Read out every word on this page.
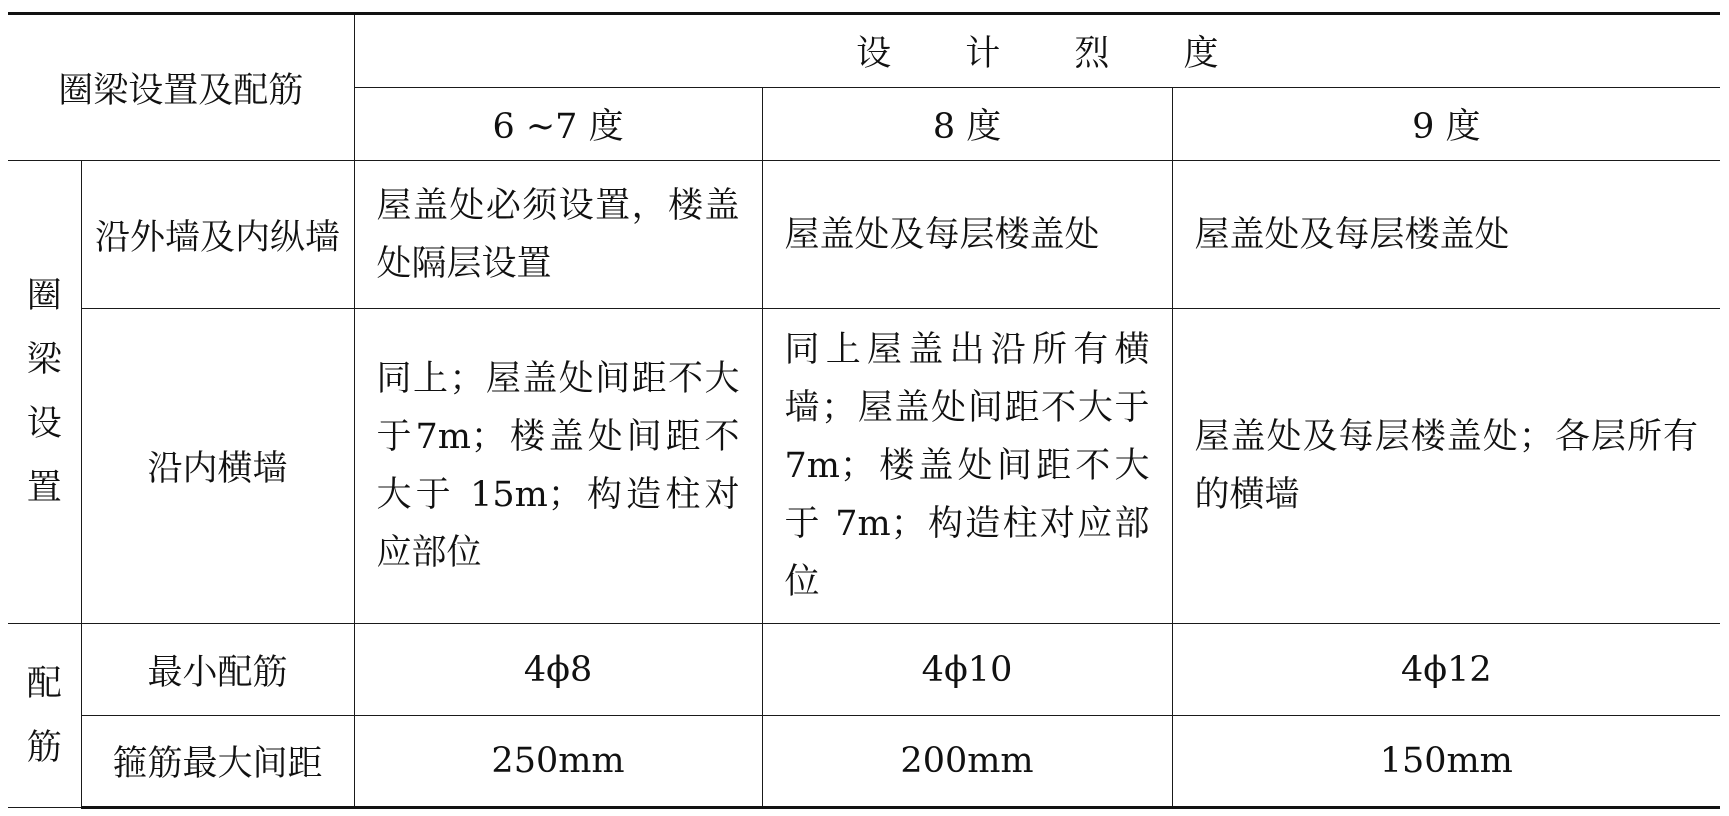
圈梁设置及配筋		设 计 烈 度		
		6 ~7 度	8 度	9 度

圈
梁
设
置	沿外墙及内纵墙	屋盖处必须设置，楼盖处隔层设置	屋盖处及每层楼盖处	屋盖处及每层楼盖处
	沿内横墙	同上；屋盖处间距不大于7m；楼盖处间距不大于 15m；构造柱对应部位	同上屋盖出沿所有横墙；屋盖处间距不大于 7m；楼盖处间距不大于 7m；构造柱对应部位	屋盖处及每层楼盖处；各层所有的横墙

配
筋	最小配筋	4ϕ8	4ϕ10	4ϕ12
	箍筋最大间距	250mm	200mm	150mm
